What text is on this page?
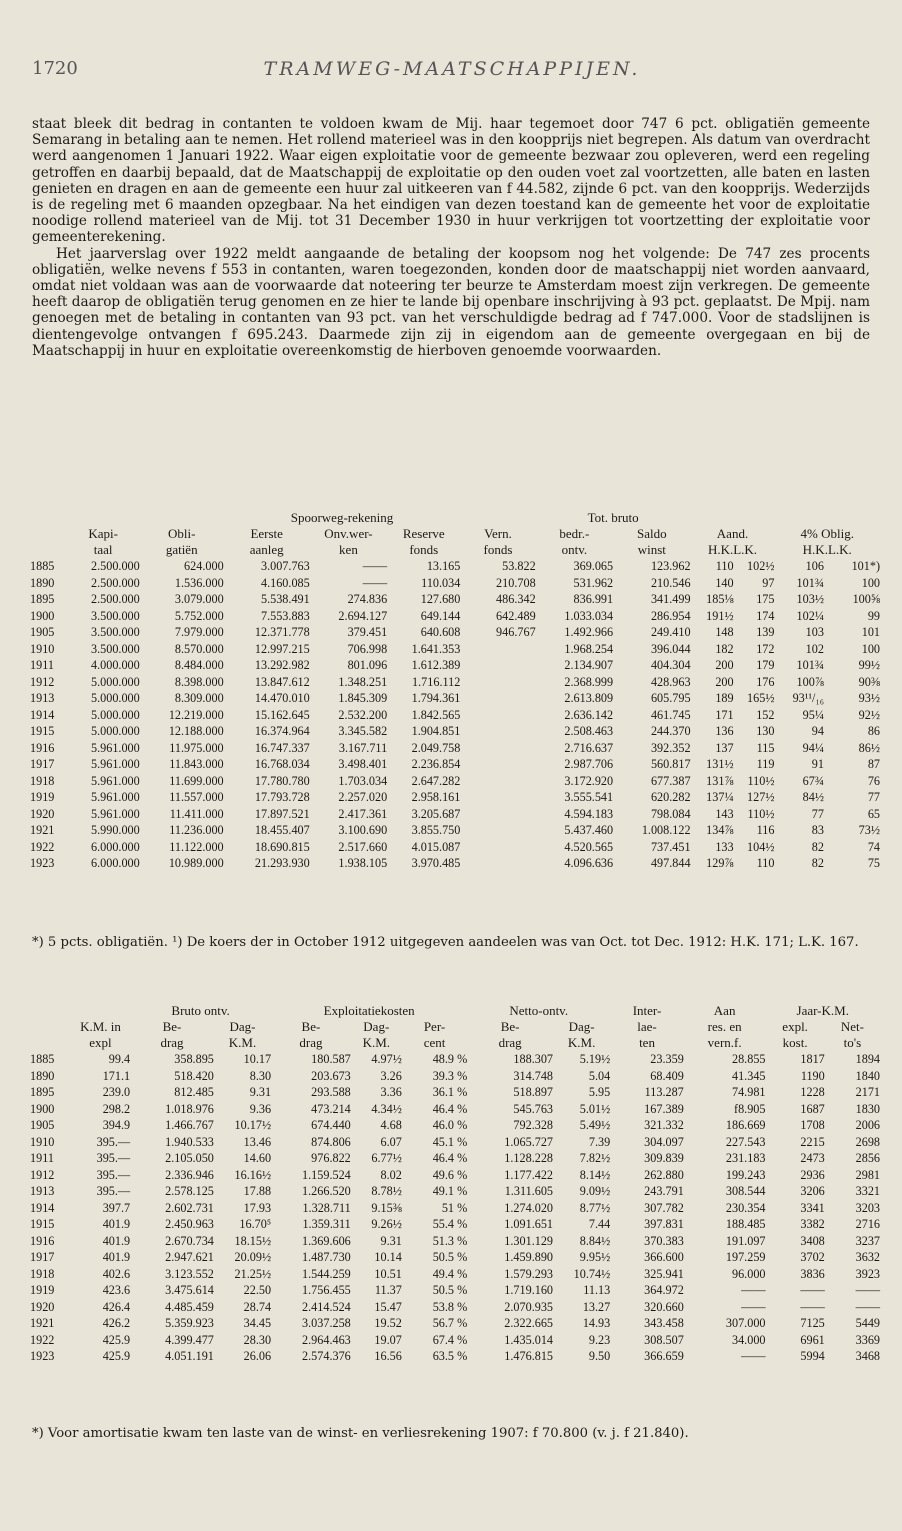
1720	TRAMWEG-MAATSCHAPPIJEN.

staat bleek dit bedrag in contanten te voldoen kwam de Mij. haar tegemoet door 747 6 pct. obligatiën gemeente Semarang in betaling aan te nemen. Het rollend materieel was in den koopprijs niet begrepen. Als datum van overdracht werd aangenomen 1 Januari 1922. Waar eigen exploitatie voor de gemeente bezwaar zou opleveren, werd een regeling getroffen en daarbij bepaald, dat de Maatschappij de exploitatie op den ouden voet zal voortzetten, alle baten en lasten genieten en dragen en aan de gemeente een huur zal uitkeeren van f 44.582, zijnde 6 pct. van den koopprijs. Wederzijds is de regeling met 6 maanden opzegbaar. Na het eindigen van dezen toestand kan de gemeente het voor de exploitatie noodige rollend materieel van de Mij. tot 31 December 1930 in huur verkrijgen tot voortzetting der exploitatie voor gemeenterekening.

Het jaarverslag over 1922 meldt aangaande de betaling der koopsom nog het volgende: De 747 zes procents obligatiën, welke nevens f 553 in contanten, waren toegezonden, konden door de maatschappij niet worden aanvaard, omdat niet voldaan was aan de voorwaarde dat noteering ter beurze te Amsterdam moest zijn verkregen. De gemeente heeft daarop de obligatiën terug genomen en ze hier te lande bij openbare inschrijving à 93 pct. geplaatst. De Mpij. nam genoegen met de betaling in contanten van 93 pct. van het verschuldigde bedrag ad f 747.000. Voor de stadslijnen is dientengevolge ontvangen f 695.243. Daarmede zijn zij in eigendom aan de gemeente overgegaan en bij de Maatschappij in huur en exploitatie overeenkomstig de hierboven genoemde voorwaarden.

			Spoorweg-rekening				Tot. bruto					
	Kapi-	Obli-	Eerste	Onv.wer-	Reserve	Vern.	bedr.-	Saldo	Aand.		4% Oblig.	
	taal	gatiën	aanleg	ken	fonds	fonds	ontv.	winst	H.K.L.K.		H.K.L.K.	
1885	2.500.000	624.000	3.007.763	——	13.165	53.822	369.065	123.962	110	102½	106	101*)
1890	2.500.000	1.536.000	4.160.085	——	110.034	210.708	531.962	210.546	140	97	101¾	100
1895	2.500.000	3.079.000	5.538.491	274.836	127.680	486.342	836.991	341.499	185⅛	175	103½	100⅝
1900	3.500.000	5.752.000	7.553.883	2.694.127	649.144	642.489	1.033.034	286.954	191½	174	102¼	99
1905	3.500.000	7.979.000	12.371.778	379.451	640.608	946.767	1.492.966	249.410	148	139	103	101
1910	3.500.000	8.570.000	12.997.215	706.998	1.641.353		1.968.254	396.044	182	172	102	100
1911	4.000.000	8.484.000	13.292.982	801.096	1.612.389		2.134.907	404.304	200	179	101¾	99½
1912	5.000.000	8.398.000	13.847.612	1.348.251	1.716.112		2.368.999	428.963	200	176	100⅞	90⅜
1913	5.000.000	8.309.000	14.470.010	1.845.309	1.794.361		2.613.809	605.795	189	165½	93¹¹/₁₆	93½
1914	5.000.000	12.219.000	15.162.645	2.532.200	1.842.565		2.636.142	461.745	171	152	95¼	92½
1915	5.000.000	12.188.000	16.374.964	3.345.582	1.904.851		2.508.463	244.370	136	130	94	86
1916	5.961.000	11.975.000	16.747.337	3.167.711	2.049.758		2.716.637	392.352	137	115	94¼	86½
1917	5.961.000	11.843.000	16.768.034	3.498.401	2.236.854		2.987.706	560.817	131½	119	91	87
1918	5.961.000	11.699.000	17.780.780	1.703.034	2.647.282		3.172.920	677.387	131⅞	110½	67¾	76
1919	5.961.000	11.557.000	17.793.728	2.257.020	2.958.161		3.555.541	620.282	137¼	127½	84½	77
1920	5.961.000	11.411.000	17.897.521	2.417.361	3.205.687		4.594.183	798.084	143	110½	77	65
1921	5.990.000	11.236.000	18.455.407	3.100.690	3.855.750		5.437.460	1.008.122	134⅞	116	83	73½
1922	6.000.000	11.122.000	18.690.815	2.517.660	4.015.087		4.520.565	737.451	133	104½	82	74
1923	6.000.000	10.989.000	21.293.930	1.938.105	3.970.485		4.096.636	497.844	129⅞	110	82	75
*) 5 pcts. obligatiën. ¹) De koers der in October 1912 uitgegeven aandeelen was van Oct. tot Dec. 1912: H.K. 171; L.K. 167.
		Bruto ontv.		Exploitatiekosten			Netto-ontv.		Inter-	Aan	Jaar-K.M.	
	K.M. in	Be-	Dag-	Be-	Dag-	Per-	Be-	Dag-	lae-	res. en	expl.	Net-
	expl	drag	K.M.	drag	K.M.	cent	drag	K.M.	ten	vern.f.	kost.	to's
1885	99.4	358.895	10.17	180.587	4.97½	48.9 %	188.307	5.19½	23.359	28.855	1817	1894
1890	171.1	518.420	8.30	203.673	3.26	39.3 %	314.748	5.04	68.409	41.345	1190	1840
1895	239.0	812.485	9.31	293.588	3.36	36.1 %	518.897	5.95	113.287	74.981	1228	2171
1900	298.2	1.018.976	9.36	473.214	4.34½	46.4 %	545.763	5.01½	167.389	f8.905	1687	1830
1905	394.9	1.466.767	10.17½	674.440	4.68	46.0 %	792.328	5.49½	321.332	186.669	1708	2006
1910	395.—	1.940.533	13.46	874.806	6.07	45.1 %	1.065.727	7.39	304.097	227.543	2215	2698
1911	395.—	2.105.050	14.60	976.822	6.77½	46.4 %	1.128.228	7.82½	309.839	231.183	2473	2856
1912	395.—	2.336.946	16.16½	1.159.524	8.02	49.6 %	1.177.422	8.14½	262.880	199.243	2936	2981
1913	395.—	2.578.125	17.88	1.266.520	8.78½	49.1 %	1.311.605	9.09½	243.791	308.544	3206	3321
1914	397.7	2.602.731	17.93	1.328.711	9.15⅜	51 %	1.274.020	8.77½	307.782	230.354	3341	3203
1915	401.9	2.450.963	16.70⁵	1.359.311	9.26½	55.4 %	1.091.651	7.44	397.831	188.485	3382	2716
1916	401.9	2.670.734	18.15½	1.369.606	9.31	51.3 %	1.301.129	8.84½	370.383	191.097	3408	3237
1917	401.9	2.947.621	20.09½	1.487.730	10.14	50.5 %	1.459.890	9.95½	366.600	197.259	3702	3632
1918	402.6	3.123.552	21.25½	1.544.259	10.51	49.4 %	1.579.293	10.74½	325.941	96.000	3836	3923
1919	423.6	3.475.614	22.50	1.756.455	11.37	50.5 %	1.719.160	11.13	364.972	——	——	——
1920	426.4	4.485.459	28.74	2.414.524	15.47	53.8 %	2.070.935	13.27	320.660	——	——	——
1921	426.2	5.359.923	34.45	3.037.258	19.52	56.7 %	2.322.665	14.93	343.458	307.000	7125	5449
1922	425.9	4.399.477	28.30	2.964.463	19.07	67.4 %	1.435.014	9.23	308.507	34.000	6961	3369
1923	425.9	4.051.191	26.06	2.574.376	16.56	63.5 %	1.476.815	9.50	366.659	——	5994	3468
*) Voor amortisatie kwam ten laste van de winst- en verliesrekening 1907: f 70.800 (v. j. f 21.840).
